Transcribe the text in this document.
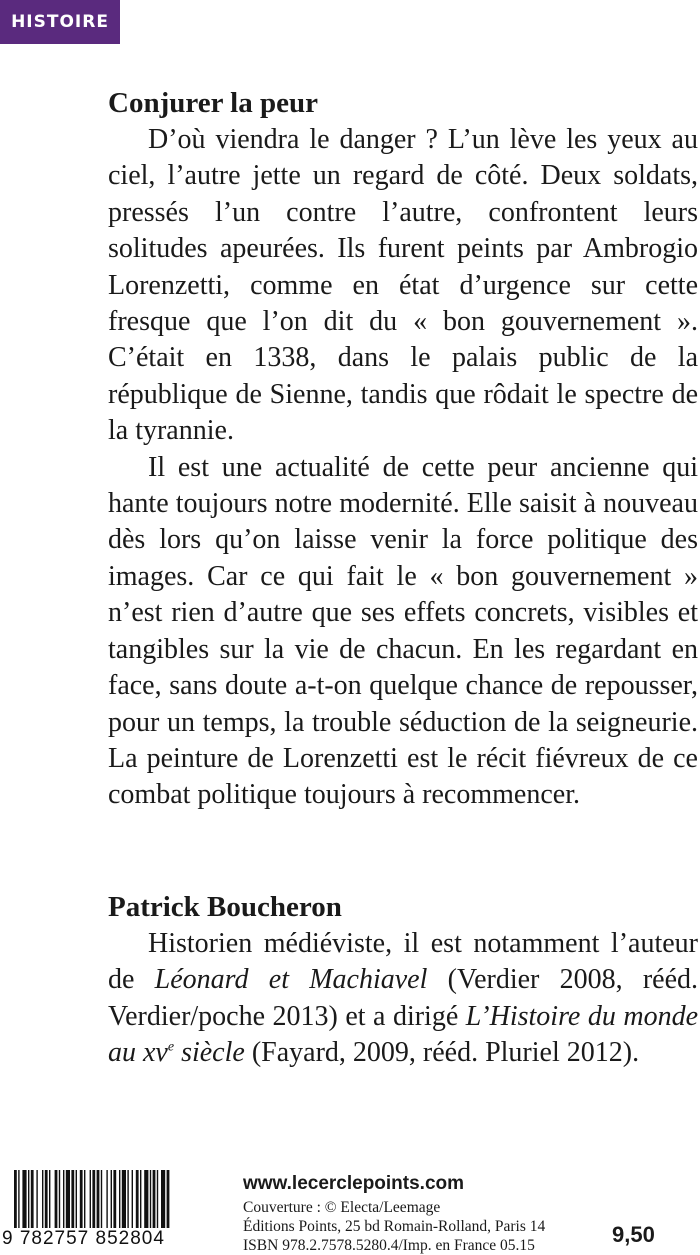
HISTOIRE
Conjurer la peur

D’où viendra le danger ? L’un lève les yeux au ciel, l’autre jette un regard de côté. Deux soldats, pressés l’un contre l’autre, confrontent leurs solitudes apeurées. Ils furent peints par Ambrogio Lorenzetti, comme en état d’urgence sur cette fresque que l’on dit du « bon gouvernement ». C’était en 1338, dans le palais public de la république de Sienne, tandis que rôdait le spectre de la tyrannie.

Il est une actualité de cette peur ancienne qui hante toujours notre modernité. Elle saisit à nouveau dès lors qu’on laisse venir la force politique des images. Car ce qui fait le « bon gouvernement » n’est rien d’autre que ses effets concrets, visibles et tangibles sur la vie de chacun. En les regardant en face, sans doute a-t-on quelque chance de repousser, pour un temps, la trouble séduction de la seigneurie. La peinture de Lorenzetti est le récit fiévreux de ce combat politique toujours à recommencer.

Patrick Boucheron

Historien médiéviste, il est notamment l’auteur de Léonard et Machiavel (Verdier 2008, rééd. Verdier/poche 2013) et a dirigé L’Histoire du monde au $xv^e$ siècle (Fayard, 2009, rééd. Pluriel 2012).

9 782757 852804

www.lecerclepoints.com

Couverture : © Electa/Leemage

Éditions Points, 25 bd Romain-Rolland, Paris 14

ISBN 978.2.7578.5280.4/Imp. en France 05.15	9,50
